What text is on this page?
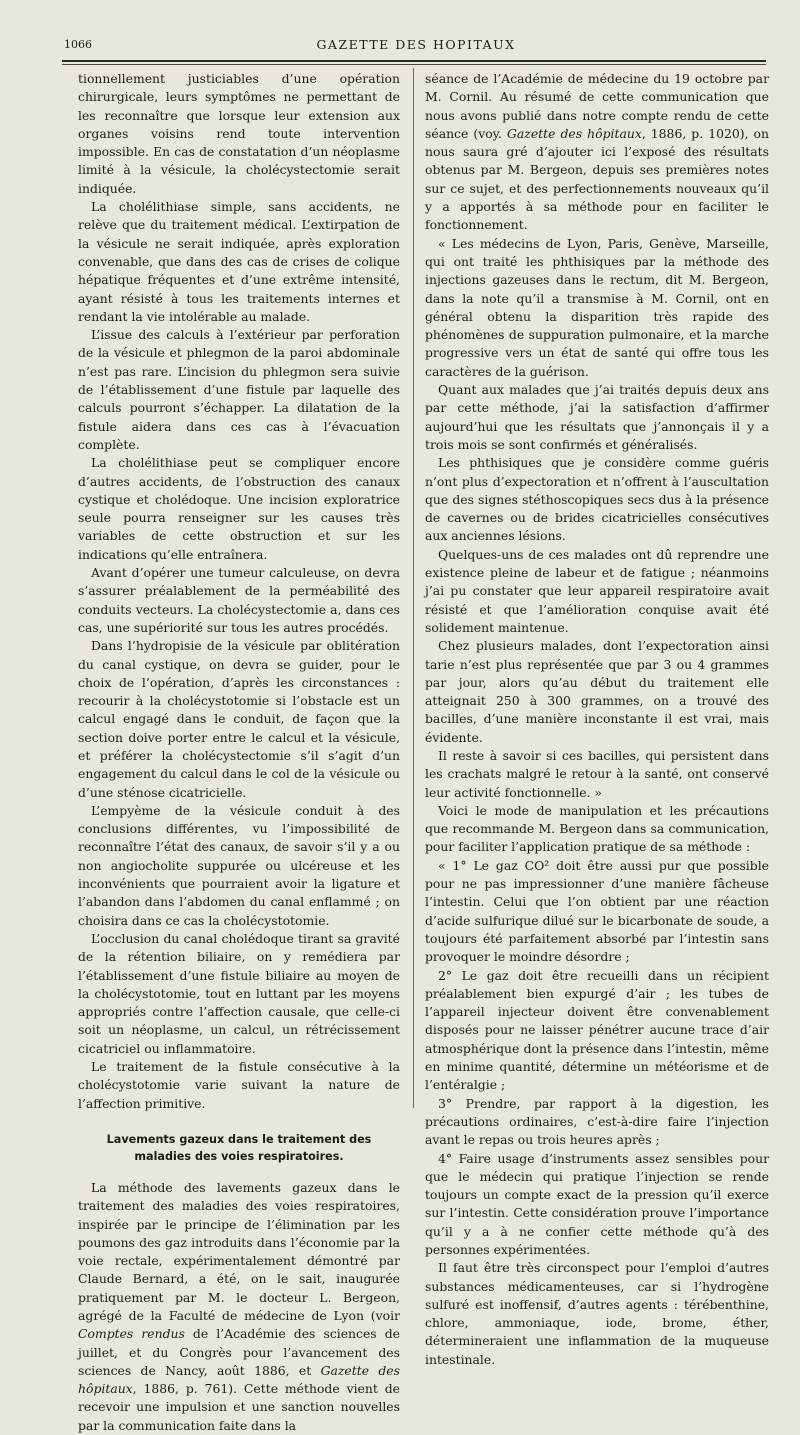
1066	GAZETTE DES HOPITAUX

tionnellement justiciables d’une opération chirurgicale, leurs symptômes ne permettant de les reconnaître que lorsque leur extension aux organes voisins rend toute intervention impossible. En cas de constatation d’un néoplasme limité à la vésicule, la cholécystectomie serait indiquée.

La cholélithiase simple, sans accidents, ne relève que du traitement médical. L’extirpation de la vésicule ne serait indiquée, après exploration convenable, que dans des cas de crises de colique hépatique fréquentes et d’une extrême intensité, ayant résisté à tous les traitements internes et rendant la vie intolérable au malade.

L’issue des calculs à l’extérieur par perforation de la vésicule et phlegmon de la paroi abdominale n’est pas rare. L’incision du phlegmon sera suivie de l’établissement d’une fistule par laquelle des calculs pourront s’échapper. La dilatation de la fistule aidera dans ces cas à l’évacuation complète.

La cholélithiase peut se compliquer encore d’autres accidents, de l’obstruction des canaux cystique et cholédoque. Une incision exploratrice seule pourra renseigner sur les causes très variables de cette obstruction et sur les indications qu’elle entraînera.

Avant d’opérer une tumeur calculeuse, on devra s’assurer préalablement de la perméabilité des conduits vecteurs. La cholécystectomie a, dans ces cas, une supériorité sur tous les autres procédés.

Dans l’hydropisie de la vésicule par oblitération du canal cystique, on devra se guider, pour le choix de l’opération, d’après les circonstances : recourir à la cholécystotomie si l’obstacle est un calcul engagé dans le conduit, de façon que la section doive porter entre le calcul et la vésicule, et préférer la cholécystectomie s’il s’agit d’un engagement du calcul dans le col de la vésicule ou d’une sténose cicatricielle.

L’empyème de la vésicule conduit à des conclusions différentes, vu l’impossibilité de reconnaître l’état des canaux, de savoir s’il y a ou non angiocholite suppurée ou ulcéreuse et les inconvénients que pourraient avoir la ligature et l’abandon dans l’abdomen du canal enflammé ; on choisira dans ce cas la cholécystotomie.

L’occlusion du canal cholédoque tirant sa gravité de la rétention biliaire, on y remédiera par l’établissement d’une fistule biliaire au moyen de la cholécystotomie, tout en luttant par les moyens appropriés contre l’affection causale, que celle-ci soit un néoplasme, un calcul, un rétrécissement cicatriciel ou inflammatoire.

Le traitement de la fistule consécutive à la cholécystotomie varie suivant la nature de l’affection primitive.

Lavements gazeux dans le traitement des maladies des voies respiratoires.

La méthode des lavements gazeux dans le traitement des maladies des voies respiratoires, inspirée par le principe de l’élimination par les poumons des gaz introduits dans l’économie par la voie rectale, expérimentalement démontré par Claude Bernard, a été, on le sait, inaugurée pratiquement par M. le docteur L. Bergeon, agrégé de la Faculté de médecine de Lyon (voir Comptes rendus de l’Académie des sciences de juillet, et du Congrès pour l’avancement des sciences de Nancy, août 1886, et Gazette des hôpitaux, 1886, p. 761). Cette méthode vient de recevoir une impulsion et une sanction nouvelles par la communication faite dans la

séance de l’Académie de médecine du 19 octobre par M. Cornil. Au résumé de cette communication que nous avons publié dans notre compte rendu de cette séance (voy. Gazette des hôpitaux, 1886, p. 1020), on nous saura gré d’ajouter ici l’exposé des résultats obtenus par M. Bergeon, depuis ses premières notes sur ce sujet, et des perfectionnements nouveaux qu’il y a apportés à sa méthode pour en faciliter le fonctionnement.

« Les médecins de Lyon, Paris, Genève, Marseille, qui ont traité les phthisiques par la méthode des injections gazeuses dans le rectum, dit M. Bergeon, dans la note qu’il a transmise à M. Cornil, ont en général obtenu la disparition très rapide des phénomènes de suppuration pulmonaire, et la marche progressive vers un état de santé qui offre tous les caractères de la guérison.

Quant aux malades que j’ai traités depuis deux ans par cette méthode, j’ai la satisfaction d’affirmer aujourd’hui que les résultats que j’annonçais il y a trois mois se sont confirmés et généralisés.

Les phthisiques que je considère comme guéris n’ont plus d’expectoration et n’offrent à l’auscultation que des signes stéthoscopiques secs dus à la présence de cavernes ou de brides cicatricielles consécutives aux anciennes lésions.

Quelques-uns de ces malades ont dû reprendre une existence pleine de labeur et de fatigue ; néanmoins j’ai pu constater que leur appareil respiratoire avait résisté et que l’amélioration conquise avait été solidement maintenue.

Chez plusieurs malades, dont l’expectoration ainsi tarie n’est plus représentée que par 3 ou 4 grammes par jour, alors qu’au début du traitement elle atteignait 250 à 300 grammes, on a trouvé des bacilles, d’une manière inconstante il est vrai, mais évidente.

Il reste à savoir si ces bacilles, qui persistent dans les crachats malgré le retour à la santé, ont conservé leur activité fonctionnelle. »

Voici le mode de manipulation et les précautions que recommande M. Bergeon dans sa communication, pour faciliter l’application pratique de sa méthode :

« 1° Le gaz CO² doit être aussi pur que possible pour ne pas impressionner d’une manière fâcheuse l’intestin. Celui que l’on obtient par une réaction d’acide sulfurique dilué sur le bicarbonate de soude, a toujours été parfaitement absorbé par l’intestin sans provoquer le moindre désordre ;

2° Le gaz doit être recueilli dans un récipient préalablement bien expurgé d’air ; les tubes de l’appareil injecteur doivent être convenablement disposés pour ne laisser pénétrer aucune trace d’air atmosphérique dont la présence dans l’intestin, même en minime quantité, détermine un météorisme et de l’entéralgie ;

3° Prendre, par rapport à la digestion, les précautions ordinaires, c’est-à-dire faire l’injection avant le repas ou trois heures après ;

4° Faire usage d’instruments assez sensibles pour que le médecin qui pratique l’injection se rende toujours un compte exact de la pression qu’il exerce sur l’intestin. Cette considération prouve l’importance qu’il y a à ne confier cette méthode qu’à des personnes expérimentées.

Il faut être très circonspect pour l’emploi d’autres substances médicamenteuses, car si l’hydrogène sulfuré est inoffensif, d’autres agents : térébenthine, chlore, ammoniaque, iode, brome, éther, détermineraient une inflammation de la muqueuse intestinale.
